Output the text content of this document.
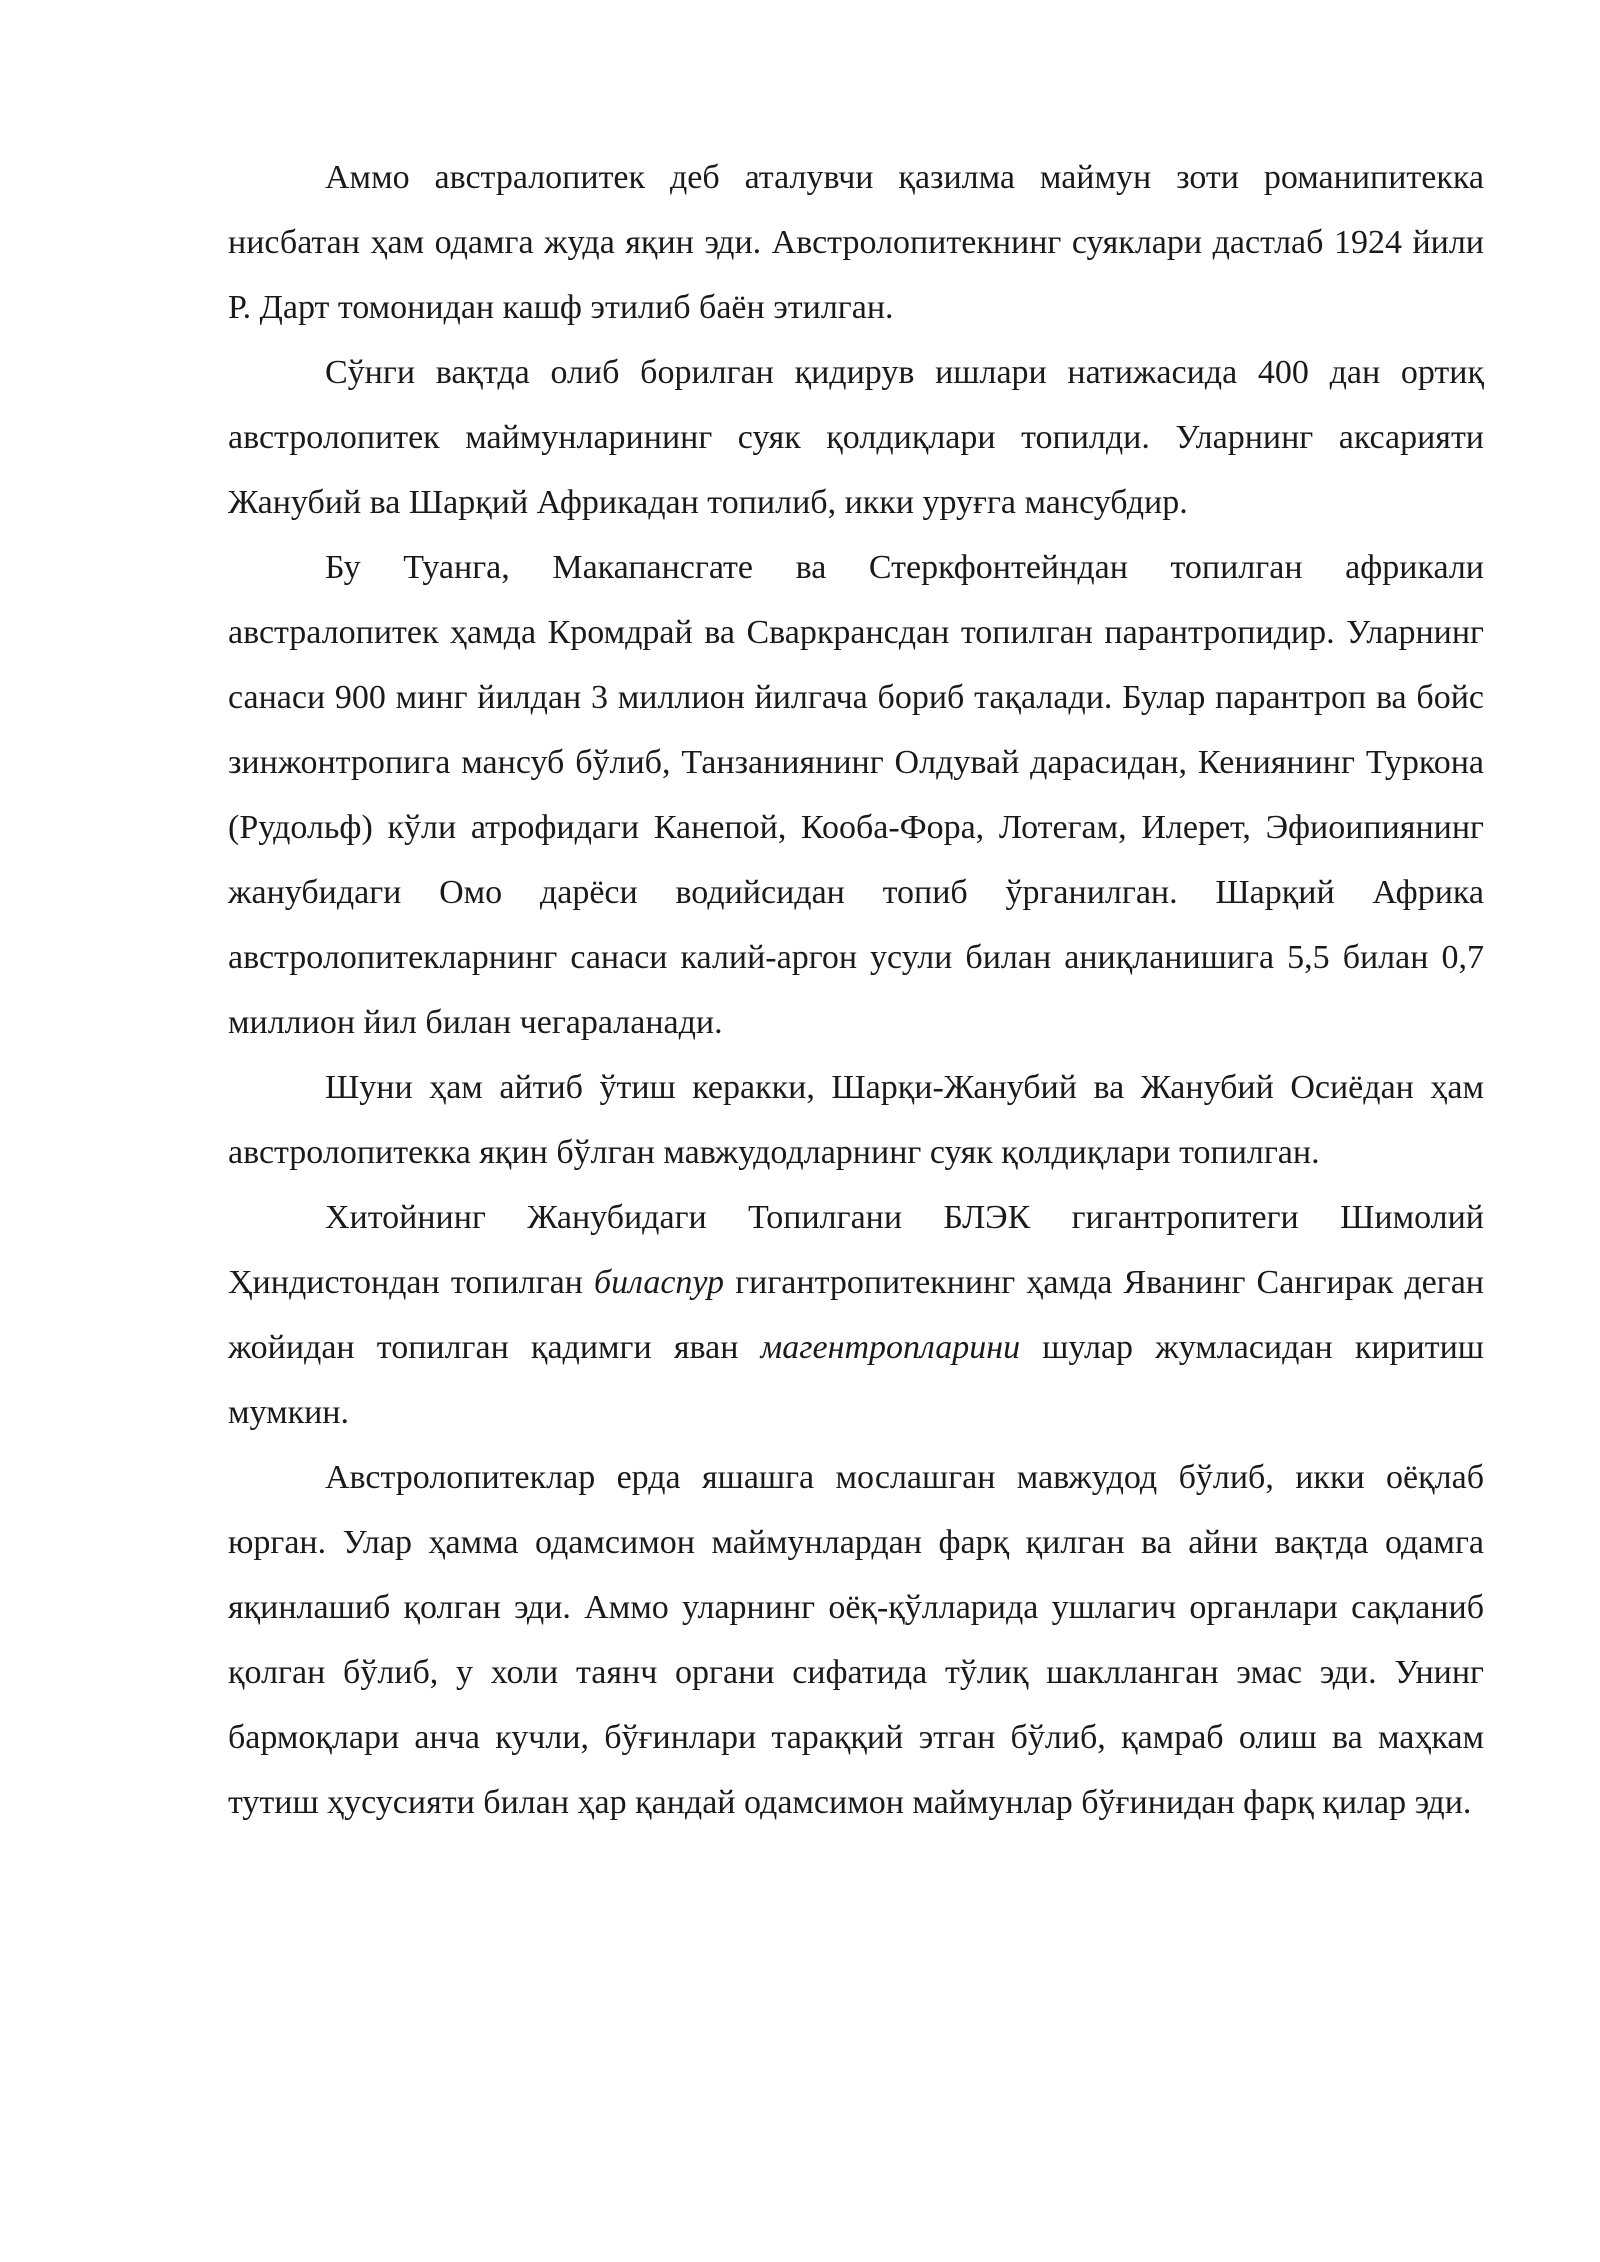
Аммо австралопитек деб аталувчи қазилма маймун зоти романипитекка нисбатан ҳам одамга жуда яқин эди. Австролопитекнинг суяклари дастлаб 1924 йили Р. Дарт томонидан кашф этилиб баён этилган.

Сўнги вақтда олиб борилган қидирув ишлари натижасида 400 дан ортиқ австролопитек маймунларининг суяк қолдиқлари топилди. Уларнинг аксарияти Жанубий ва Шарқий Африкадан топилиб, икки уруғга мансубдир.

Бу Туанга, Макапансгате ва Стеркфонтейндан топилган африкали австралопитек ҳамда Кромдрай ва Сваркрансдан топилган парантропидир. Уларнинг санаси 900 минг йилдан 3 миллион йилгача бориб тақалади. Булар парантроп ва бойс зинжонтропига мансуб бўлиб, Танзаниянинг Олдувай дарасидан, Кениянинг Туркона (Рудольф) кўли атрофидаги Канепой, Кооба-Фора, Лотегам, Илерет, Эфиоипиянинг жанубидаги Омо дарёси водийсидан топиб ўрганилган. Шарқий Африка австролопитекларнинг санаси калий-аргон усули билан аниқланишига 5,5 билан 0,7 миллион йил билан чегараланади.

Шуни ҳам айтиб ўтиш керакки, Шарқи-Жанубий ва Жанубий Осиёдан ҳам австролопитекка яқин бўлган мавжудодларнинг суяк қолдиқлари топилган.

Хитойнинг Жанубидаги Топилгани БЛЭК гигантропитеги Шимолий Ҳиндистондан топилган биласпур гигантропитекнинг ҳамда Яванинг Сангирак деган жойидан топилган қадимги яван магентропларини шулар жумласидан киритиш мумкин.

Австролопитеклар ерда яшашга мослашган мавжудод бўлиб, икки оёқлаб юрган. Улар ҳамма одамсимон маймунлардан фарқ қилган ва айни вақтда одамга яқинлашиб қолган эди. Аммо уларнинг оёқ-қўлларида ушлагич органлари сақланиб қолган бўлиб, у холи таянч органи сифатида тўлиқ шаклланган эмас эди. Унинг бармоқлари анча кучли, бўғинлари тараққий этган бўлиб, қамраб олиш ва маҳкам тутиш ҳусусияти билан ҳар қандай одамсимон маймунлар бўғинидан фарқ қилар эди.
